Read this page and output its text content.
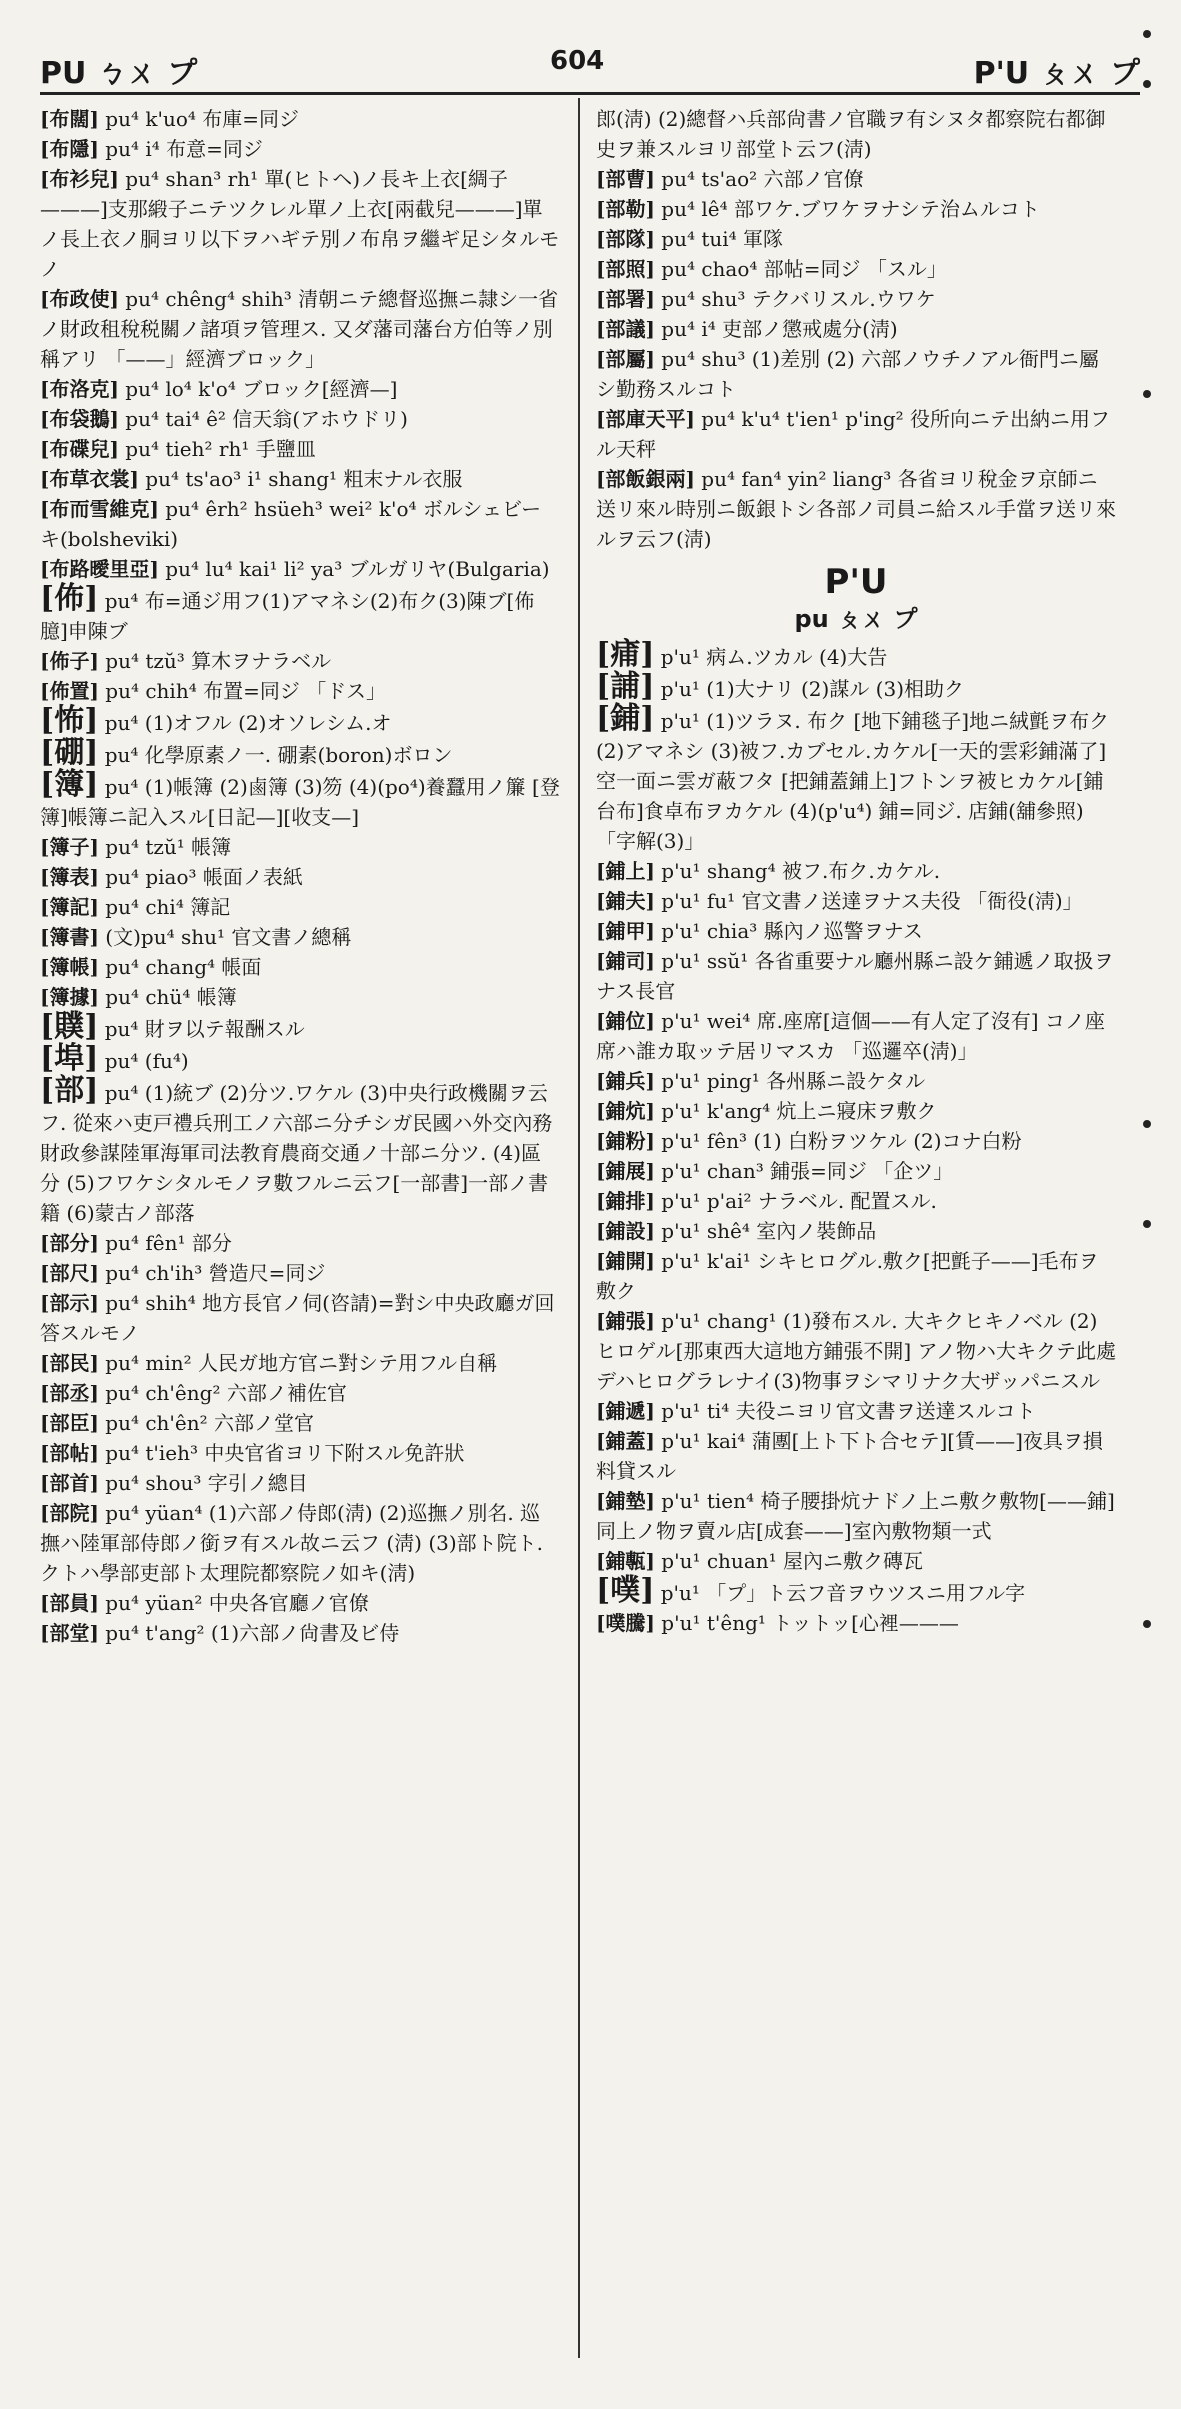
PU ㄅㄨ プ	604	P'U ㄆㄨ プ
[布闊] pu⁴ k'uo⁴ 布庫=同ジ
[布隱] pu⁴ i⁴ 布意=同ジ
[布衫兒] pu⁴ shan³ rh¹ 單(ヒトヘ)ノ長キ上衣[綢子———]支那緞子ニテツクレル單ノ上衣[兩截兒———]單ノ長上衣ノ胴ヨリ以下ヲハギテ別ノ布帛ヲ繼ギ足シタルモノ
[布政使] pu⁴ chêng⁴ shih³ 清朝ニテ總督巡撫ニ隷シ一省ノ財政租稅税關ノ諸項ヲ管理ス. 又ダ藩司藩台方伯等ノ別稱アリ 「——」經濟ブロック」
[布洛克] pu⁴ lo⁴ k'o⁴ ブロック[經濟—]
[布袋鵝] pu⁴ tai⁴ ê² 信天翁(アホウドリ)
[布碟兒] pu⁴ tieh² rh¹ 手鹽皿
[布草衣裳] pu⁴ ts'ao³ i¹ shang¹ 粗末ナル衣服
[布而雪維克] pu⁴ êrh² hsüeh³ wei² k'o⁴ ボルシェビーキ(bolsheviki)
[布路曖里亞] pu⁴ lu⁴ kai¹ li² ya³ ブルガリヤ(Bulgaria)
[佈] pu⁴ 布=通ジ用フ(1)アマネシ(2)布ク(3)陳ブ[佈臆]申陳ブ
[佈子] pu⁴ tzŭ³ 算木ヲナラベル
[佈置] pu⁴ chih⁴ 布置=同ジ 「ドス」
[怖] pu⁴ (1)オフル (2)オソレシム.オ
[硼] pu⁴ 化學原素ノ一. 硼素(boron)ボロン
[簿] pu⁴ (1)帳簿 (2)鹵簿 (3)笏 (4)(po⁴)養蠶用ノ簾 [登簿]帳簿ニ記入スル[日記—][收支—]
[簿子] pu⁴ tzŭ¹ 帳簿
[簿表] pu⁴ piao³ 帳面ノ表紙
[簿記] pu⁴ chi⁴ 簿記
[簿書] (文)pu⁴ shu¹ 官文書ノ總稱
[簿帳] pu⁴ chang⁴ 帳面
[簿據] pu⁴ chü⁴ 帳簿
[贌] pu⁴ 財ヲ以テ報酬スル
[埠] pu⁴ (fu⁴)
[部] pu⁴ (1)統ブ (2)分ツ.ワケル (3)中央行政機關ヲ云フ. 從來ハ吏戸禮兵刑工ノ六部ニ分チシガ民國ハ外交內務財政參謀陸軍海軍司法教育農商交通ノ十部ニ分ツ. (4)區分 (5)フワケシタルモノヲ數フルニ云フ[一部書]一部ノ書籍 (6)蒙古ノ部落
[部分] pu⁴ fên¹ 部分
[部尺] pu⁴ ch'ih³ 營造尺=同ジ
[部示] pu⁴ shih⁴ 地方長官ノ伺(咨請)=對シ中央政廳ガ回答スルモノ
[部民] pu⁴ min² 人民ガ地方官ニ對シテ用フル自稱
[部丞] pu⁴ ch'êng² 六部ノ補佐官
[部臣] pu⁴ ch'ên² 六部ノ堂官
[部帖] pu⁴ t'ieh³ 中央官省ヨリ下附スル免許狀
[部首] pu⁴ shou³ 字引ノ總目
[部院] pu⁴ yüan⁴ (1)六部ノ侍郎(淸) (2)巡撫ノ別名. 巡撫ハ陸軍部侍郎ノ銜ヲ有スル故ニ云フ (淸) (3)部ト院ト. クトハ學部吏部ト太理院都察院ノ如キ(淸)
[部員] pu⁴ yüan² 中央各官廳ノ官僚
[部堂] pu⁴ t'ang² (1)六部ノ尙書及ビ侍
郎(淸) (2)總督ハ兵部尙書ノ官職ヲ有シヌタ都察院右都御史ヲ兼スルヨリ部堂ト云フ(淸)
[部曹] pu⁴ ts'ao² 六部ノ官僚
[部勒] pu⁴ lê⁴ 部ワケ.ブワケヲナシテ治ムルコト
[部隊] pu⁴ tui⁴ 軍隊
[部照] pu⁴ chao⁴ 部帖=同ジ 「スル」
[部署] pu⁴ shu³ テクバリスル.ウワケ
[部議] pu⁴ i⁴ 吏部ノ懲戒處分(淸)
[部屬] pu⁴ shu³ (1)差別 (2) 六部ノウチノアル衙門ニ屬シ勤務スルコト
[部庫天平] pu⁴ k'u⁴ t'ien¹ p'ing² 役所向ニテ出納ニ用フル天秤
[部飯銀兩] pu⁴ fan⁴ yin² liang³ 各省ヨリ稅金ヲ京師ニ送リ來ル時別ニ飯銀トシ各部ノ司員ニ給スル手當ヲ送リ來ルヲ云フ(淸)
P'U
pu ㄆㄨ プ
[痡] p'u¹ 病ム.ツカル (4)大告
[誧] p'u¹ (1)大ナリ (2)謀ル (3)相助ク
[鋪] p'u¹ (1)ツラヌ. 布ク [地下鋪毯子]地ニ絨氈ヲ布ク (2)アマネシ (3)被フ.カブセル.カケル[一天的雲彩鋪滿了]空一面ニ雲ガ蔽フタ [把鋪蓋鋪上]フトンヲ被ヒカケル[鋪台布]食卓布ヲカケル (4)(p'u⁴) 鋪=同ジ. 店鋪(舖參照) 「字解(3)」
[鋪上] p'u¹ shang⁴ 被フ.布ク.カケル.
[鋪夫] p'u¹ fu¹ 官文書ノ送達ヲナス夫役 「衙役(淸)」
[鋪甲] p'u¹ chia³ 縣內ノ巡警ヲナス
[鋪司] p'u¹ ssŭ¹ 各省重要ナル廳州縣ニ設ケ鋪遞ノ取扱ヲナス長官
[鋪位] p'u¹ wei⁴ 席.座席[這個——有人定了沒有] コノ座席ハ誰カ取ッテ居リマスカ 「巡邏卒(淸)」
[鋪兵] p'u¹ ping¹ 各州縣ニ設ケタル
[鋪炕] p'u¹ k'ang⁴ 炕上ニ寢床ヲ敷ク
[鋪粉] p'u¹ fên³ (1) 白粉ヲツケル (2)コナ白粉
[鋪展] p'u¹ chan³ 鋪張=同ジ 「企ツ」
[鋪排] p'u¹ p'ai² ナラベル. 配置スル.
[鋪設] p'u¹ shê⁴ 室內ノ裝飾品
[鋪開] p'u¹ k'ai¹ シキヒログル.敷ク[把氈子——]毛布ヲ敷ク
[鋪張] p'u¹ chang¹ (1)發布スル. 大キクヒキノベル (2)ヒロゲル[那東西大這地方鋪張不開] アノ物ハ大キクテ此處デハヒログラレナイ(3)物事ヲシマリナク大ザッパニスル
[鋪遞] p'u¹ ti⁴ 夫役ニヨリ官文書ヲ送達スルコト
[鋪蓋] p'u¹ kai⁴ 蒲團[上ト下ト合セテ][賃——]夜具ヲ損料貸スル
[鋪墊] p'u¹ tien⁴ 椅子腰掛炕ナドノ上ニ敷ク敷物[——鋪]同上ノ物ヲ賣ル店[成套——]室內敷物類一式
[鋪甎] p'u¹ chuan¹ 屋內ニ敷ク磚瓦
[噗] p'u¹ 「プ」ト云フ音ヲウツスニ用フル字
[噗騰] p'u¹ t'êng¹ トットッ[心裡———
